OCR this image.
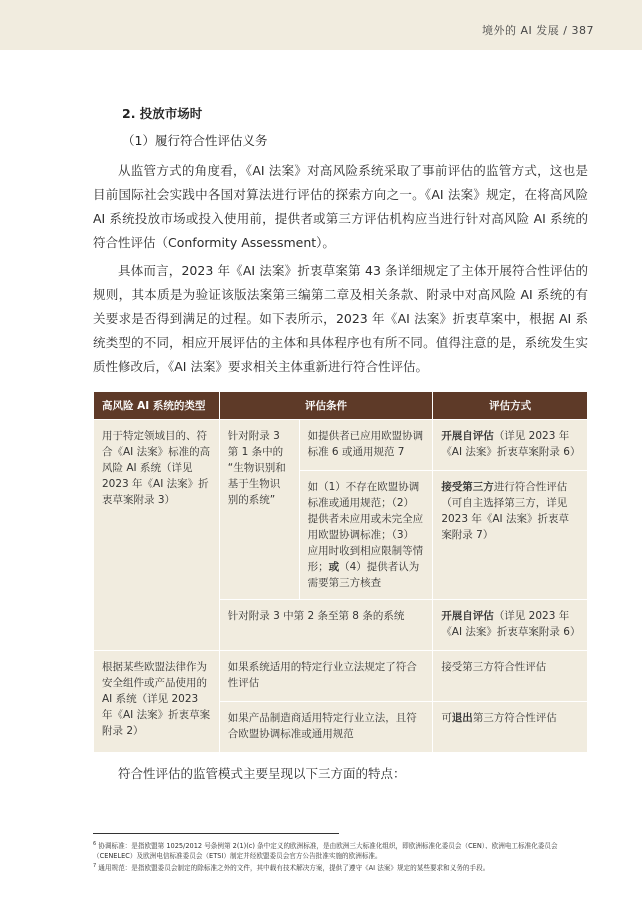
境外的 AI 发展 / 387
2. 投放市场时
（1）履行符合性评估义务
从监管方式的角度看，《AI 法案》对高风险系统采取了事前评估的监管方式，这也是目前国际社会实践中各国对算法进行评估的探索方向之一。《AI 法案》规定，在将高风险 AI 系统投放市场或投入使用前，提供者或第三方评估机构应当进行针对高风险 AI 系统的符合性评估（Conformity Assessment）。
具体而言，2023 年《AI 法案》折衷草案第 43 条详细规定了主体开展符合性评估的规则，其本质是为验证该版法案第三编第二章及相关条款、附录中对高风险 AI 系统的有关要求是否得到满足的过程。如下表所示，2023 年《AI 法案》折衷草案中，根据 AI 系统类型的不同，相应开展评估的主体和具体程序也有所不同。值得注意的是，系统发生实质性修改后，《AI 法案》要求相关主体重新进行符合性评估。
高风险 AI 系统的类型	评估条件		评估方式
用于特定领域目的、符合《AI 法案》标准的高风险 AI 系统（详见 2023 年《AI 法案》折衷草案附录 3）	针对附录 3 第 1 条中的 “生物识别和基于生物识别的系统”	如提供者已应用欧盟协调标准 6 或通用规范 7	开展自评估（详见 2023 年《AI 法案》折衷草案附录 6）
		如（1）不存在欧盟协调标准或通用规范；（2）提供者未应用或未完全应用欧盟协调标准；（3）应用时收到相应限制等情形；或（4）提供者认为需要第三方核查	接受第三方进行符合性评估（可自主选择第三方，详见 2023 年《AI 法案》折衷草案附录 7）
	针对附录 3 中第 2 条至第 8 条的系统		开展自评估（详见 2023 年《AI 法案》折衷草案附录 6）
根据某些欧盟法律作为安全组件或产品使用的 AI 系统（详见 2023 年《AI 法案》折衷草案附录 2）	如果系统适用的特定行业立法规定了符合性评估		接受第三方符合性评估
	如果产品制造商适用特定行业立法，且符合欧盟协调标准或通用规范		可退出第三方符合性评估
符合性评估的监管模式主要呈现以下三方面的特点：
$^6$ 协调标准：是指欧盟第 1025/2012 号条例第 2(1)(c) 条中定义的欧洲标准，是由欧洲三大标准化组织，即欧洲标准化委员会（CEN）、欧洲电工标准化委员会（CENELEC）及欧洲电信标准委员会（ETSI）制定并经欧盟委员会官方公告批准实施的欧洲标准。
$^7$ 通用规范：是指欧盟委员会制定的除标准之外的文件，其中载有技术解决方案，提供了遵守《AI 法案》规定的某些要求和义务的手段。
